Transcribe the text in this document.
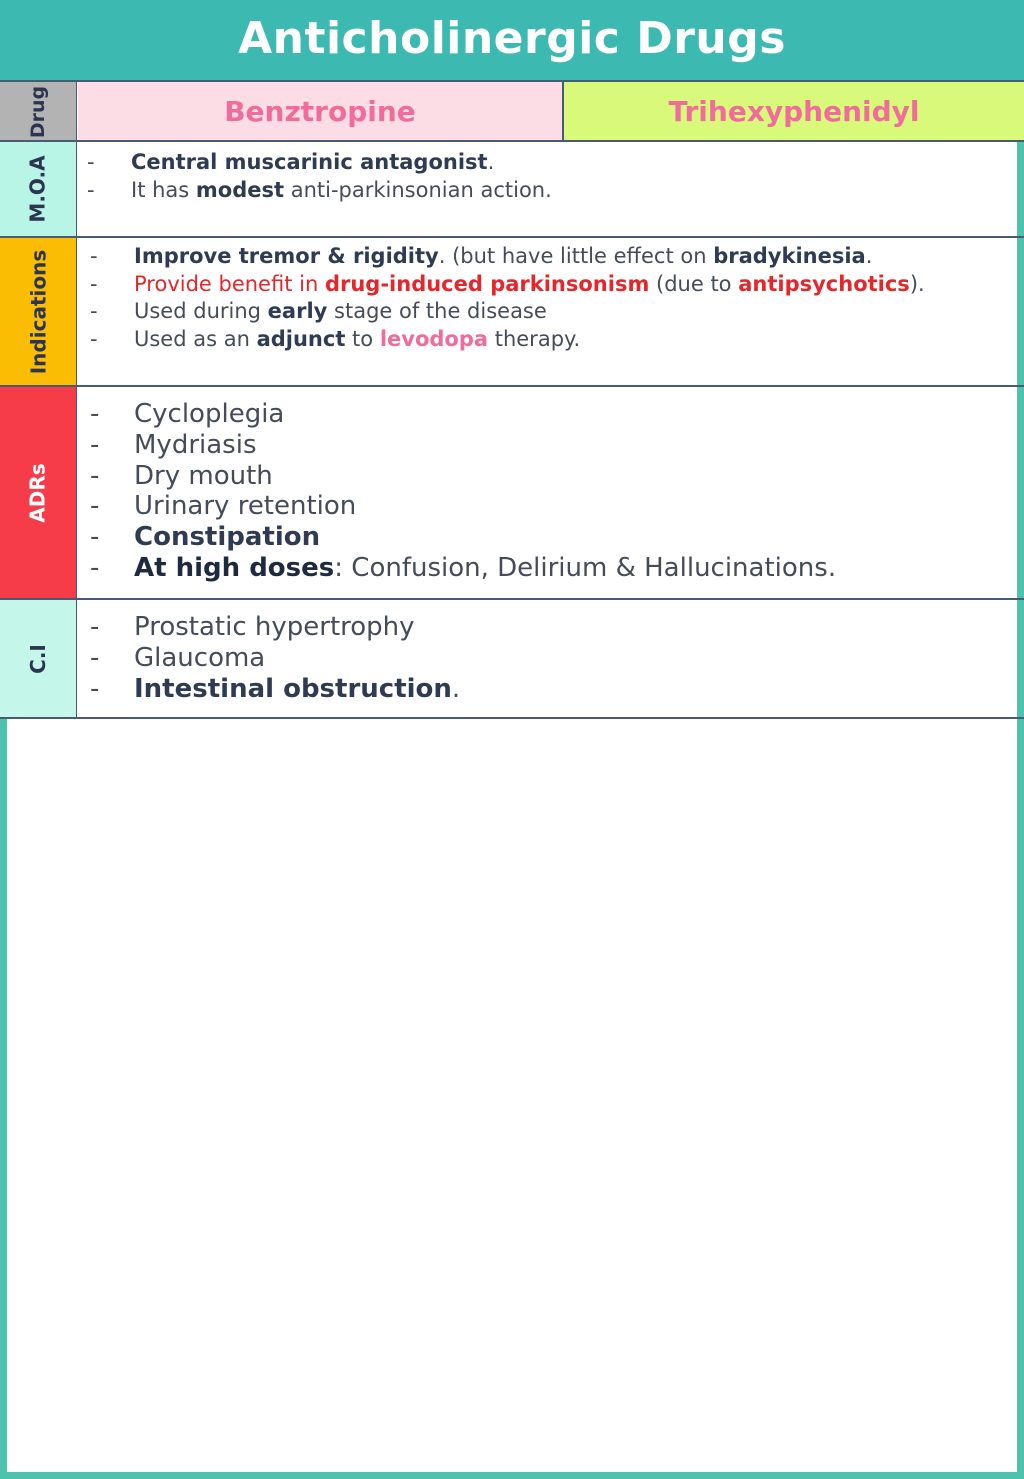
Anticholinergic Drugs
Drug	Benztropine	Trihexyphenidyl
M.O.A - Central muscarinic antagonist.
- It has modest anti-parkinsonian action.
Indications - Improve tremor & rigidity. (but have little effect on bradykinesia.
- Provide benefit in drug-induced parkinsonism (due to antipsychotics).
- Used during early stage of the disease
- Used as an adjunct to levodopa therapy.
ADRs
- Cycloplegia
- Mydriasis
- Dry mouth
- Urinary retention
- Constipation
- At high doses: Confusion, Delirium & Hallucinations.
C.I
- Prostatic hypertrophy
- Glaucoma
- Intestinal obstruction.
